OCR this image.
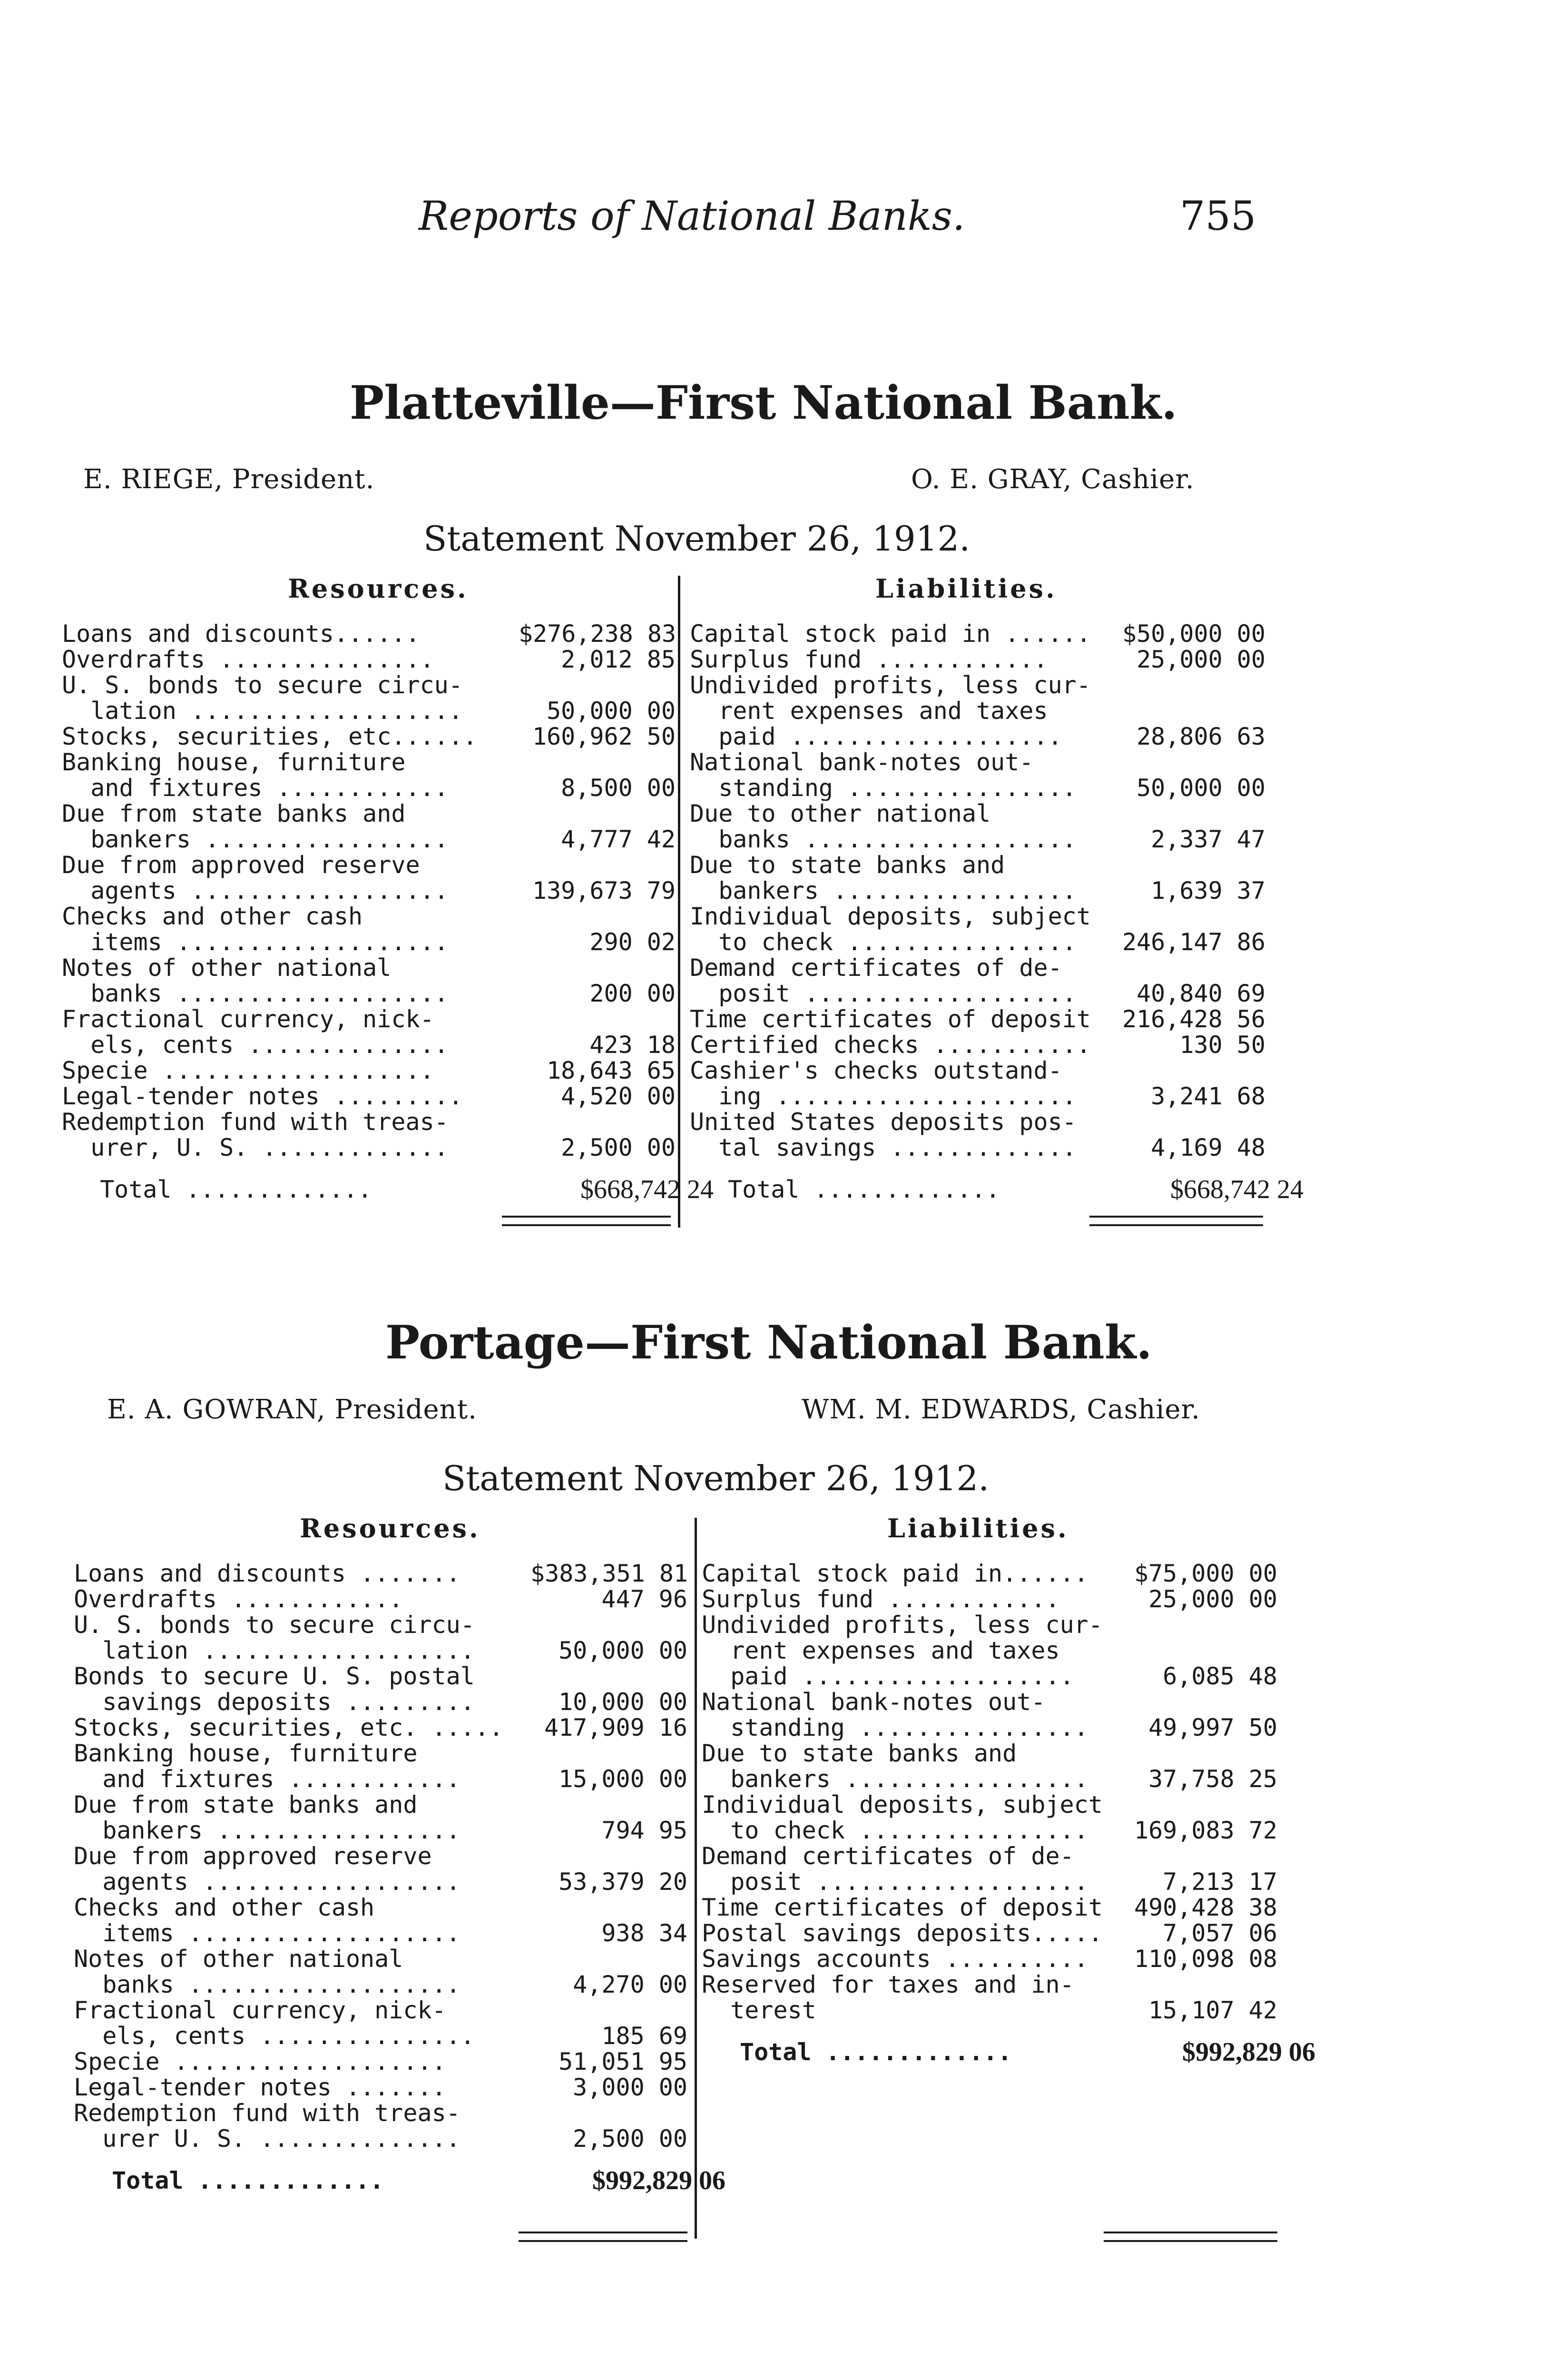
Reports of National Banks.	755
Platteville—First National Bank.
E. RIEGE, President.	O. E. GRAY, Cashier.
Statement November 26, 1912.
Resources.	Liabilities.
Loans and discounts......	$276,238 83
Overdrafts ...............	2,012 85
U. S. bonds to secure circu-
lation ...................	50,000 00
Stocks, securities, etc......	160,962 50
Banking house, furniture
and fixtures ............	8,500 00
Due from state banks and
bankers .................	4,777 42
Due from approved reserve
agents ..................	139,673 79
Checks and other cash
items ...................	290 02
Notes of other national
banks ...................	200 00
Fractional currency, nick-
els, cents ..............	423 18
Specie ...................	18,643 65
Legal-tender notes .........	4,520 00
Redemption fund with treas-
urer, U. S. .............	2,500 00
Total .............	$668,742 24
Capital stock paid in ......	$50,000 00
Surplus fund ............	25,000 00
Undivided profits, less cur-
rent expenses and taxes
paid ...................	28,806 63
National bank-notes out-
standing ................	50,000 00
Due to other national
banks ...................	2,337 47
Due to state banks and
bankers .................	1,639 37
Individual deposits, subject
to check ................	246,147 86
Demand certificates of de-
posit ...................	40,840 69
Time certificates of deposit	216,428 56
Certified checks ...........	130 50
Cashier's checks outstand-
ing .....................	3,241 68
United States deposits pos-
tal savings .............	4,169 48
Total .............	$668,742 24
Portage—First National Bank.
E. A. GOWRAN, President.	WM. M. EDWARDS, Cashier.
Statement November 26, 1912.
Resources.	Liabilities.
Loans and discounts .......	$383,351 81
Overdrafts ............	447 96
U. S. bonds to secure circu-
lation ...................	50,000 00
Bonds to secure U. S. postal
savings deposits .........	10,000 00
Stocks, securities, etc. .....	417,909 16
Banking house, furniture
and fixtures ............	15,000 00
Due from state banks and
bankers .................	794 95
Due from approved reserve
agents ..................	53,379 20
Checks and other cash
items ...................	938 34
Notes of other national
banks ...................	4,270 00
Fractional currency, nick-
els, cents ...............	185 69
Specie ...................	51,051 95
Legal-tender notes .......	3,000 00
Redemption fund with treas-
urer U. S. ..............	2,500 00
Total .............	$992,829 06
Capital stock paid in......	$75,000 00
Surplus fund ............	25,000 00
Undivided profits, less cur-
rent expenses and taxes
paid ...................	6,085 48
National bank-notes out-
standing ................	49,997 50
Due to state banks and
bankers .................	37,758 25
Individual deposits, subject
to check ................	169,083 72
Demand certificates of de-
posit ...................	7,213 17
Time certificates of deposit	490,428 38
Postal savings deposits.....	7,057 06
Savings accounts ..........	110,098 08
Reserved for taxes and in-
terest	15,107 42
Total .............	$992,829 06
